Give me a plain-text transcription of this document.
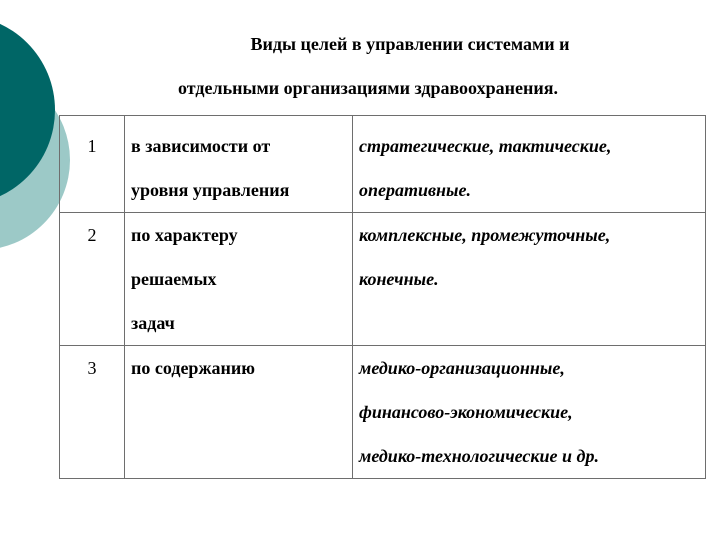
Виды целей в управлении системами и
отдельными организациями здравоохранения.
1	в зависимости от
уровня управления	стратегические, тактические,
оперативные.

2	по характеру
решаемых
задач	комплексные, промежуточные,
конечные.

3	по содержанию	медико-организационные,
финансово-экономические,
медико-технологические и др.
